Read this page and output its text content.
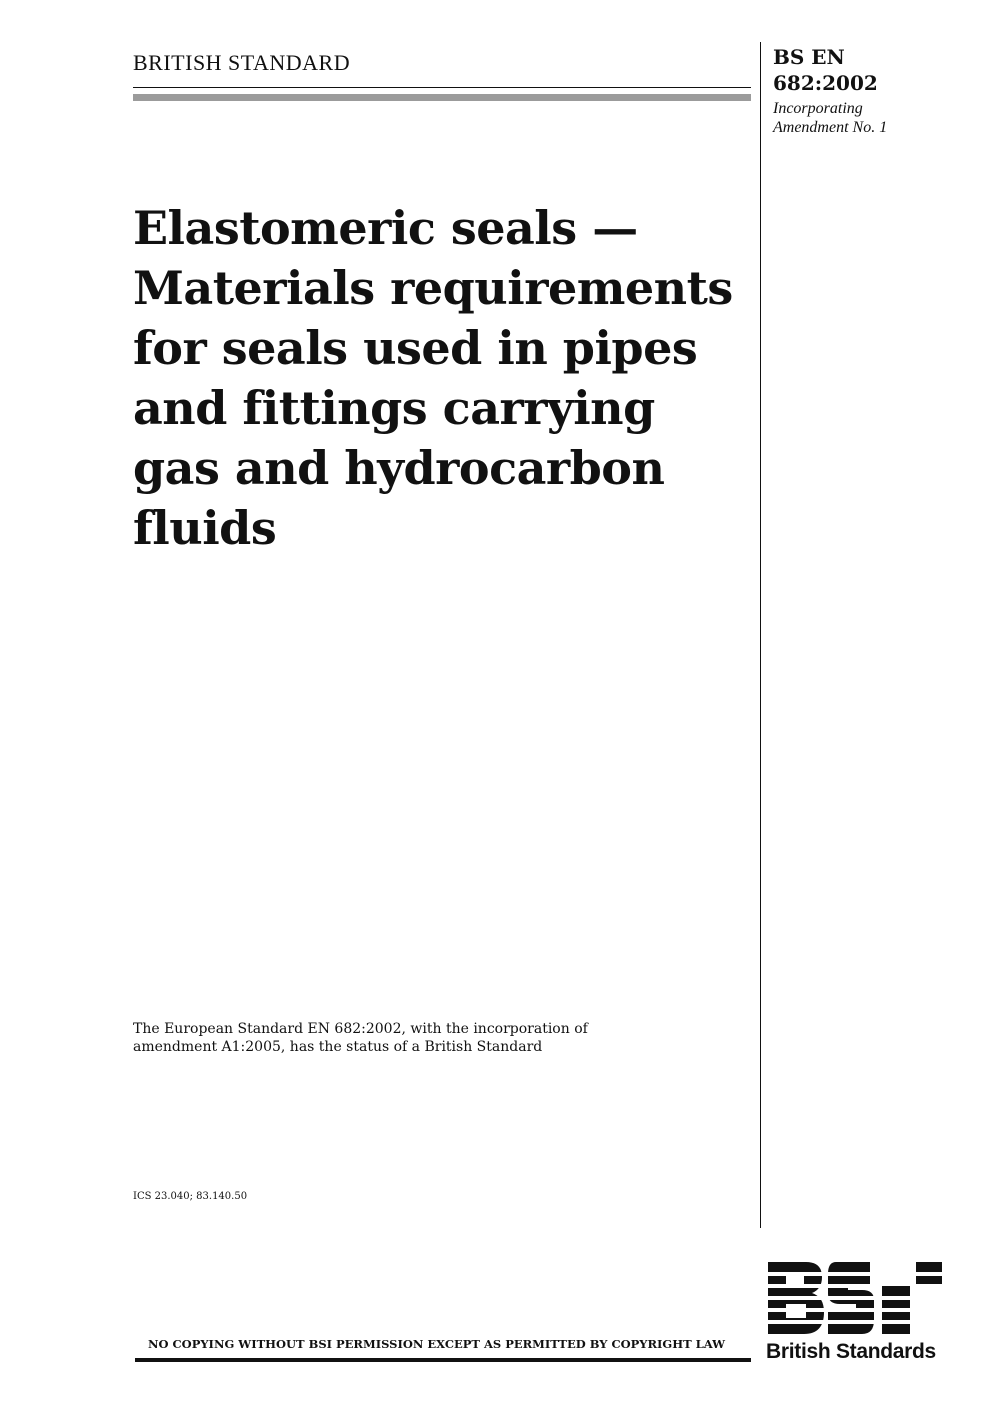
BRITISH STANDARD	BS EN
682:2002
Incorporating
Amendment No. 1
Elastomeric seals —
Materials requirements
for seals used in pipes
and fittings carrying
gas and hydrocarbon
fluids
The European Standard EN 682:2002, with the incorporation of
amendment A1:2005, has the status of a British Standard
ICS 23.040; 83.140.50
NO COPYING WITHOUT BSI PERMISSION EXCEPT AS PERMITTED BY COPYRIGHT LAW British Standards
